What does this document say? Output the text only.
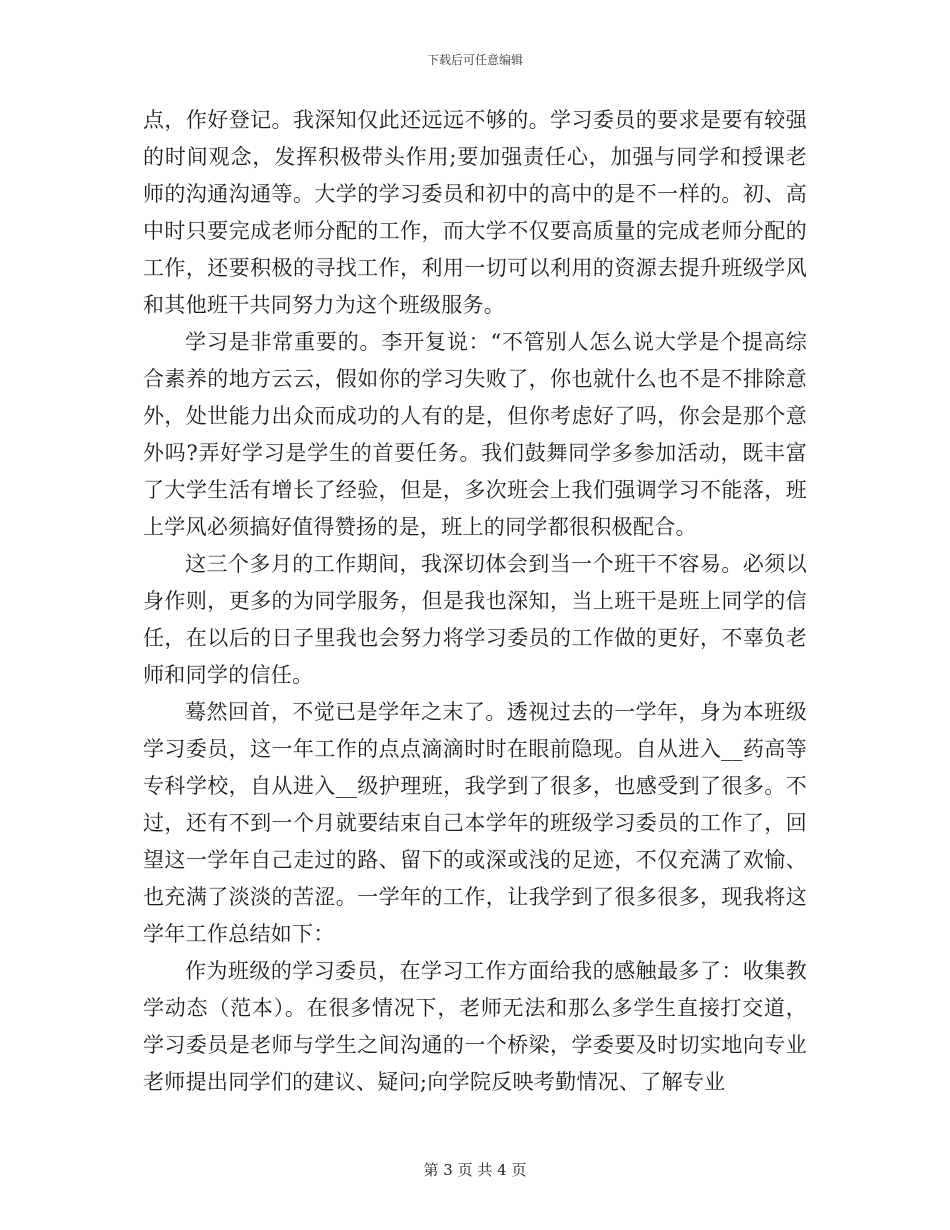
下载后可任意编辑

点，作好登记。我深知仅此还远远不够的。学习委员的要求是要有较强的时间观念，发挥积极带头作用;要加强责任心，加强与同学和授课老师的沟通沟通等。大学的学习委员和初中的高中的是不一样的。初、高中时只要完成老师分配的工作，而大学不仅要高质量的完成老师分配的工作，还要积极的寻找工作，利用一切可以利用的资源去提升班级学风和其他班干共同努力为这个班级服务。

学习是非常重要的。李开复说：“不管别人怎么说大学是个提高综合素养的地方云云，假如你的学习失败了，你也就什么也不是不排除意外，处世能力出众而成功的人有的是，但你考虑好了吗，你会是那个意外吗?弄好学习是学生的首要任务。我们鼓舞同学多参加活动，既丰富了大学生活有增长了经验，但是，多次班会上我们强调学习不能落，班上学风必须搞好值得赞扬的是，班上的同学都很积极配合。

这三个多月的工作期间，我深切体会到当一个班干不容易。必须以身作则，更多的为同学服务，但是我也深知，当上班干是班上同学的信任，在以后的日子里我也会努力将学习委员的工作做的更好，不辜负老师和同学的信任。

蓦然回首，不觉已是学年之末了。透视过去的一学年，身为本班级学习委员，这一年工作的点点滴滴时时在眼前隐现。自从进入__药高等专科学校，自从进入__级护理班，我学到了很多，也感受到了很多。不过，还有不到一个月就要结束自己本学年的班级学习委员的工作了，回望这一学年自己走过的路、留下的或深或浅的足迹，不仅充满了欢愉、也充满了淡淡的苦涩。一学年的工作，让我学到了很多很多，现我将这学年工作总结如下：

作为班级的学习委员，在学习工作方面给我的感触最多了：收集教学动态（范本）。在很多情况下，老师无法和那么多学生直接打交道，学习委员是老师与学生之间沟通的一个桥梁，学委要及时切实地向专业老师提出同学们的建议、疑问;向学院反映考勤情况、了解专业

第 3 页 共 4 页
